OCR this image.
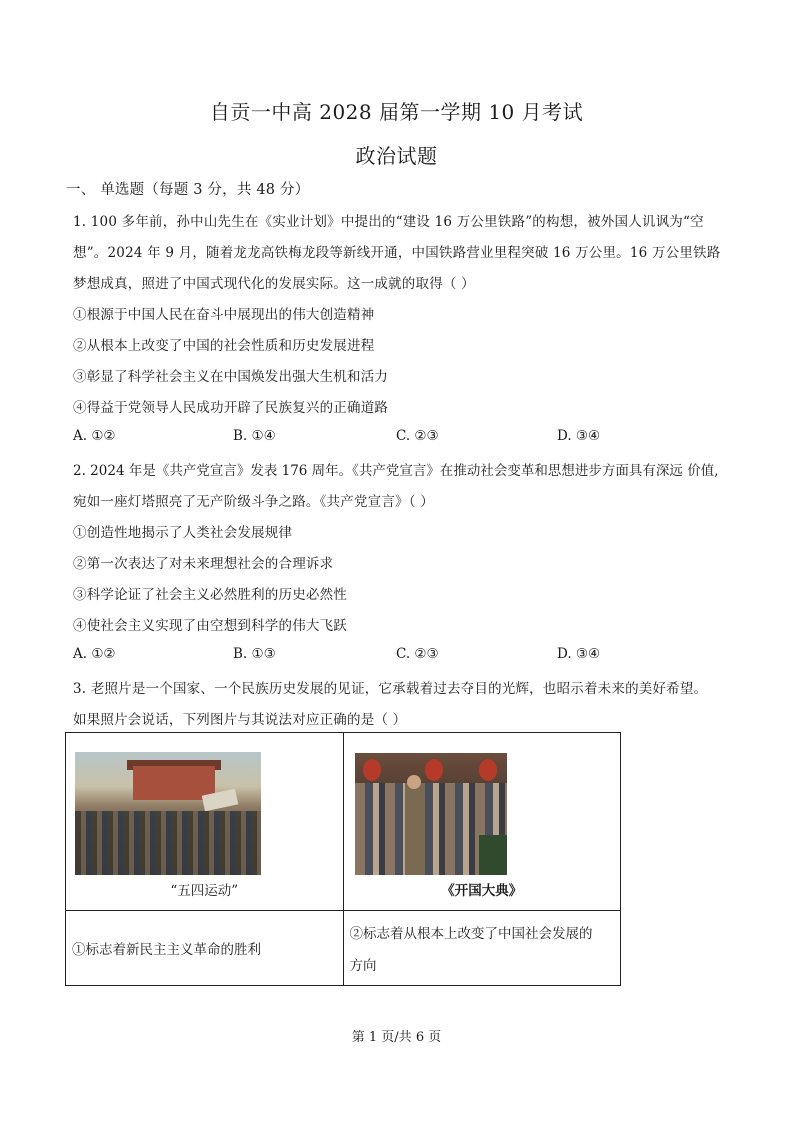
自贡一中高 2028 届第一学期 10 月考试
政治试题
一、 单选题（每题 3 分，共 48 分）
1. 100 多年前，孙中山先生在《实业计划》中提出的“建设 16 万公里铁路”的构想，被外国人讥讽为“空
想”。2024 年 9 月，随着龙龙高铁梅龙段等新线开通，中国铁路营业里程突破 16 万公里。16 万公里铁路
梦想成真，照进了中国式现代化的发展实际。这一成就的取得（ ）
①根源于中国人民在奋斗中展现出的伟大创造精神
②从根本上改变了中国的社会性质和历史发展进程
③彰显了科学社会主义在中国焕发出强大生机和活力
④得益于党领导人民成功开辟了民族复兴的正确道路
A. ①②	B. ①④	C. ②③	D. ③④
2. 2024 年是《共产党宣言》发表 176 周年。《共产党宣言》在推动社会变革和思想进步方面具有深远 价值,
宛如一座灯塔照亮了无产阶级斗争之路。《共产党宣言》（ ）
①创造性地揭示了人类社会发展规律
②第一次表达了对未来理想社会的合理诉求
③科学论证了社会主义必然胜利的历史必然性
④使社会主义实现了由空想到科学的伟大飞跃
A. ①②	B. ①③	C. ②③	D. ③④
3. 老照片是一个国家、一个民族历史发展的见证，它承载着过去夺目的光辉，也昭示着未来的美好希望。
如果照片会说话，下列图片与其说法对应正确的是（ ）
“五四运动”	《开国大典》

①标志着新民主主义革命的胜利	②标志着从根本上改变了中国社会发展的
方向
第 1 页/共 6 页
